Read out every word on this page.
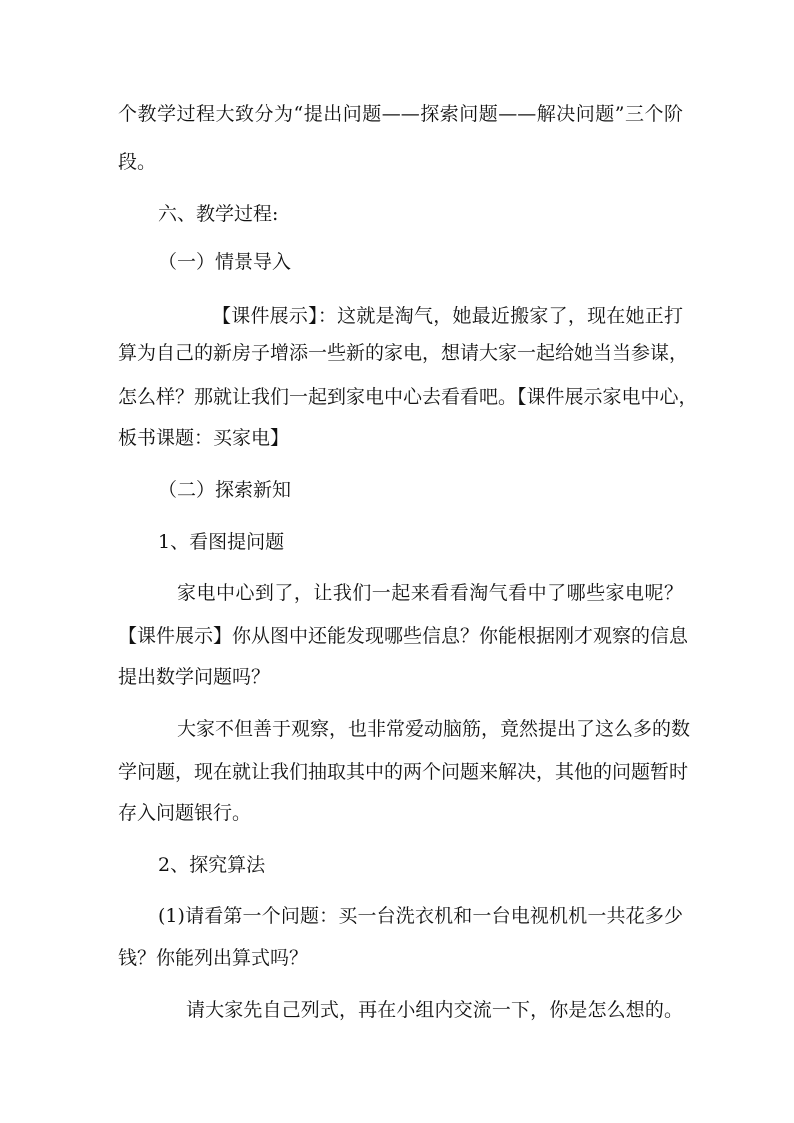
个教学过程大致分为“提出问题——探索问题——解决问题”三个阶
段。
六、教学过程:
（一）情景导入
【课件展示】：这就是淘气，她最近搬家了，现在她正打
算为自己的新房子增添一些新的家电，想请大家一起给她当当参谋，
怎么样？那就让我们一起到家电中心去看看吧。【课件展示家电中心，
板书课题：买家电】
（二）探索新知
1、看图提问题
家电中心到了，让我们一起来看看淘气看中了哪些家电呢？
【课件展示】你从图中还能发现哪些信息？你能根据刚才观察的信息
提出数学问题吗？
大家不但善于观察，也非常爱动脑筋，竟然提出了这么多的数
学问题，现在就让我们抽取其中的两个问题来解决，其他的问题暂时
存入问题银行。
2、探究算法
(1)请看第一个问题：买一台洗衣机和一台电视机机一共花多少
钱？你能列出算式吗？
请大家先自己列式，再在小组内交流一下，你是怎么想的。
